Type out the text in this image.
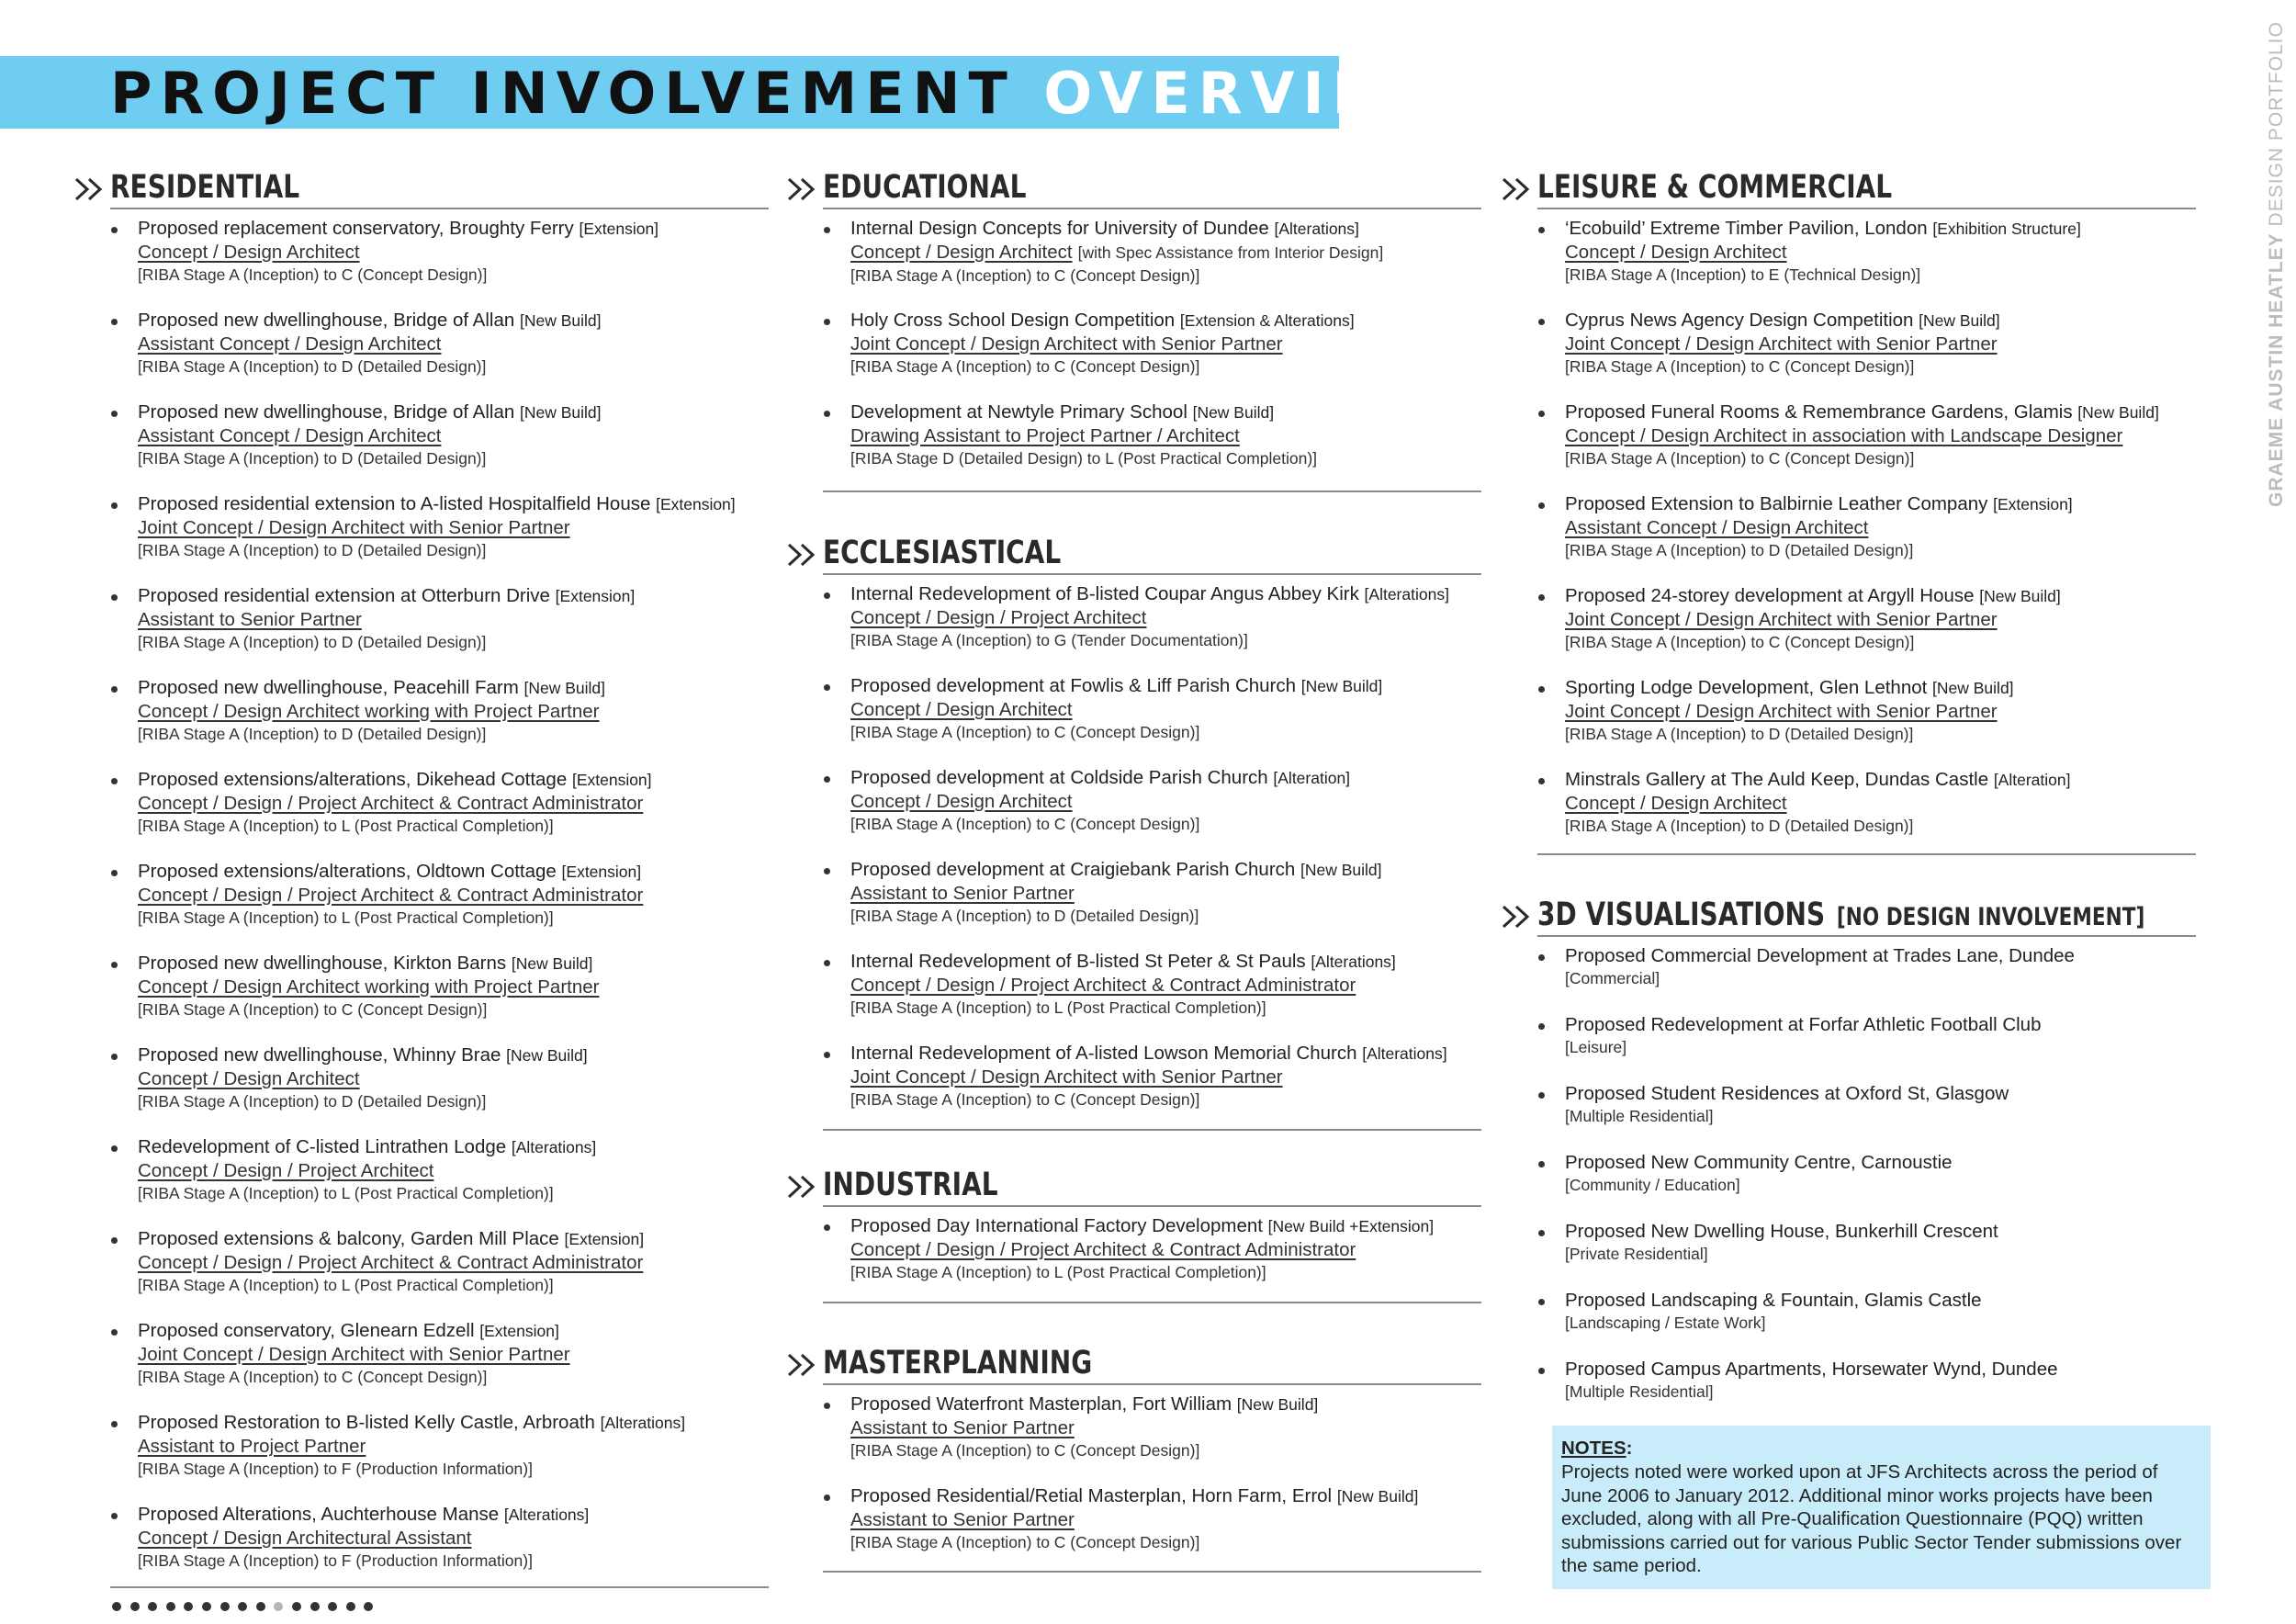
PROJECT INVOLVEMENT OVERVIEW
GRAEME AUSTIN HEATLEY DESIGN PORTFOLIO
RESIDENTIAL
Proposed replacement conservatory, Broughty Ferry [Extension]
Concept / Design Architect
[RIBA Stage A (Inception) to C (Concept Design)]
Proposed new dwellinghouse, Bridge of Allan [New Build]
Assistant Concept / Design Architect
[RIBA Stage A (Inception) to D (Detailed Design)]
Proposed new dwellinghouse, Bridge of Allan [New Build]
Assistant Concept / Design Architect
[RIBA Stage A (Inception) to D (Detailed Design)]
Proposed residential extension to A-listed Hospitalfield House [Extension]
Joint Concept / Design Architect with Senior Partner
[RIBA Stage A (Inception) to D (Detailed Design)]
Proposed residential extension at Otterburn Drive [Extension]
Assistant to Senior Partner
[RIBA Stage A (Inception) to D (Detailed Design)]
Proposed new dwellinghouse, Peacehill Farm [New Build]
Concept / Design Architect working with Project Partner
[RIBA Stage A (Inception) to D (Detailed Design)]
Proposed extensions/alterations, Dikehead Cottage [Extension]
Concept / Design / Project Architect & Contract Administrator
[RIBA Stage A (Inception) to L (Post Practical Completion)]
Proposed extensions/alterations, Oldtown Cottage [Extension]
Concept / Design / Project Architect & Contract Administrator
[RIBA Stage A (Inception) to L (Post Practical Completion)]
Proposed new dwellinghouse, Kirkton Barns [New Build]
Concept / Design Architect working with Project Partner
[RIBA Stage A (Inception) to C (Concept Design)]
Proposed new dwellinghouse, Whinny Brae [New Build]
Concept / Design Architect
[RIBA Stage A (Inception) to D (Detailed Design)]
Redevelopment of C-listed Lintrathen Lodge [Alterations]
Concept / Design / Project Architect
[RIBA Stage A (Inception) to L (Post Practical Completion)]
Proposed extensions & balcony, Garden Mill Place [Extension]
Concept / Design / Project Architect & Contract Administrator
[RIBA Stage A (Inception) to L (Post Practical Completion)]
Proposed conservatory, Glenearn Edzell [Extension]
Joint Concept / Design Architect with Senior Partner
[RIBA Stage A (Inception) to C (Concept Design)]
Proposed Restoration to B-listed Kelly Castle, Arbroath [Alterations]
Assistant to Project Partner
[RIBA Stage A (Inception) to F (Production Information)]
Proposed Alterations, Auchterhouse Manse [Alterations]
Concept / Design Architectural Assistant
[RIBA Stage A (Inception) to F (Production Information)]
EDUCATIONAL
Internal Design Concepts for University of Dundee [Alterations]
Concept / Design Architect [with Spec Assistance from Interior Design]
[RIBA Stage A (Inception) to C (Concept Design)]
Holy Cross School Design Competition [Extension & Alterations]
Joint Concept / Design Architect with Senior Partner
[RIBA Stage A (Inception) to C (Concept Design)]
Development at Newtyle Primary School [New Build]
Drawing Assistant to Project Partner / Architect
[RIBA Stage D (Detailed Design) to L (Post Practical Completion)]
ECCLESIASTICAL
Internal Redevelopment of B-listed Coupar Angus Abbey Kirk [Alterations]
Concept / Design / Project Architect
[RIBA Stage A (Inception) to G (Tender Documentation)]
Proposed development at Fowlis & Liff Parish Church [New Build]
Concept / Design Architect
[RIBA Stage A (Inception) to C (Concept Design)]
Proposed development at Coldside Parish Church [Alteration]
Concept / Design Architect
[RIBA Stage A (Inception) to C (Concept Design)]
Proposed development at Craigiebank Parish Church [New Build]
Assistant to Senior Partner
[RIBA Stage A (Inception) to D (Detailed Design)]
Internal Redevelopment of B-listed St Peter & St Pauls [Alterations]
Concept / Design / Project Architect & Contract Administrator
[RIBA Stage A (Inception) to L (Post Practical Completion)]
Internal Redevelopment of A-listed Lowson Memorial Church [Alterations]
Joint Concept / Design Architect with Senior Partner
[RIBA Stage A (Inception) to C (Concept Design)]
INDUSTRIAL
Proposed Day International Factory Development [New Build +Extension]
Concept / Design / Project Architect & Contract Administrator
[RIBA Stage A (Inception) to L (Post Practical Completion)]
MASTERPLANNING
Proposed Waterfront Masterplan, Fort William [New Build]
Assistant to Senior Partner
[RIBA Stage A (Inception) to C (Concept Design)]
Proposed Residential/Retial Masterplan, Horn Farm, Errol [New Build]
Assistant to Senior Partner
[RIBA Stage A (Inception) to C (Concept Design)]
LEISURE & COMMERCIAL
‘Ecobuild’ Extreme Timber Pavilion, London [Exhibition Structure]
Concept / Design Architect
[RIBA Stage A (Inception) to E (Technical Design)]
Cyprus News Agency Design Competition [New Build]
Joint Concept / Design Architect with Senior Partner
[RIBA Stage A (Inception) to C (Concept Design)]
Proposed Funeral Rooms & Remembrance Gardens, Glamis [New Build]
Concept / Design Architect in association with Landscape Designer
[RIBA Stage A (Inception) to C (Concept Design)]
Proposed Extension to Balbirnie Leather Company [Extension]
Assistant Concept / Design Architect
[RIBA Stage A (Inception) to D (Detailed Design)]
Proposed 24-storey development at Argyll House [New Build]
Joint Concept / Design Architect with Senior Partner
[RIBA Stage A (Inception) to C (Concept Design)]
Sporting Lodge Development, Glen Lethnot [New Build]
Joint Concept / Design Architect with Senior Partner
[RIBA Stage A (Inception) to D (Detailed Design)]
Minstrals Gallery at The Auld Keep, Dundas Castle [Alteration]
Concept / Design Architect
[RIBA Stage A (Inception) to D (Detailed Design)]
3D VISUALISATIONS [NO DESIGN INVOLVEMENT]
Proposed Commercial Development at Trades Lane, Dundee
[Commercial]
Proposed Redevelopment at Forfar Athletic Football Club
[Leisure]
Proposed Student Residences at Oxford St, Glasgow
[Multiple Residential]
Proposed New Community Centre, Carnoustie
[Community / Education]
Proposed New Dwelling House, Bunkerhill Crescent
[Private Residential]
Proposed Landscaping & Fountain, Glamis Castle
[Landscaping / Estate Work]
Proposed Campus Apartments, Horsewater Wynd, Dundee
[Multiple Residential]
NOTES:
Projects noted were worked upon at JFS Architects across the period of June 2006 to January 2012. Additional minor works projects have been excluded, along with all Pre-Qualification Questionnaire (PQQ) written submissions carried out for various Public Sector Tender submissions over the same period.
